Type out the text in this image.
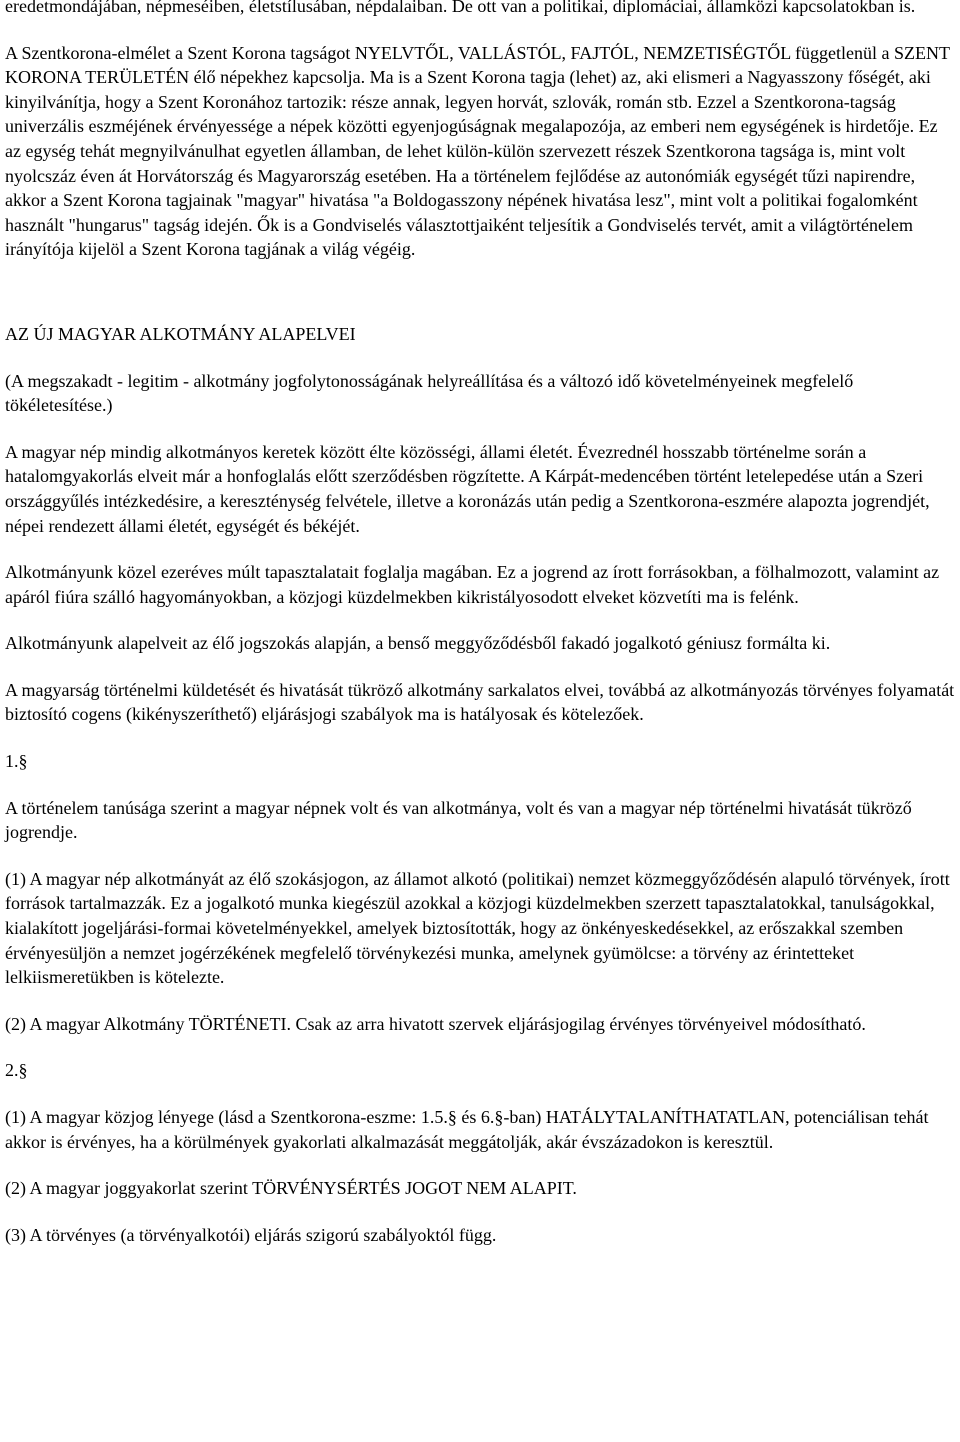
eredetmondájában, népmeséiben, életstílusában, népdalaiban. De ott van a politikai, diplomáciai, államközi kapcsolatokban is.

A Szentkorona-elmélet a Szent Korona tagságot NYELVTŐL, VALLÁSTÓL, FAJTÓL, NEMZETISÉGTŐL függetlenül a SZENT KORONA TERÜLETÉN élő népekhez kapcsolja. Ma is a Szent Korona tagja (lehet) az, aki elismeri a Nagyasszony főségét, aki kinyilvánítja, hogy a Szent Koronához tartozik: része annak, legyen horvát, szlovák, román stb. Ezzel a Szentkorona-tagság univerzális eszméjének érvényessége a népek közötti egyenjogúságnak megalapozója, az emberi nem egységének is hirdetője. Ez az egység tehát megnyilvánulhat egyetlen államban, de lehet külön-külön szervezett részek Szentkorona tagsága is, mint volt nyolcszáz éven át Horvátország és Magyarország esetében. Ha a történelem fejlődése az autonómiák egységét tűzi napirendre, akkor a Szent Korona tagjainak "magyar" hivatása "a Boldogasszony népének hivatása lesz", mint volt a politikai fogalomként használt "hungarus" tagság idején. Ők is a Gondviselés választottjaiként teljesítik a Gondviselés tervét, amit a világtörténelem irányítója kijelöl a Szent Korona tagjának a világ végéig.

AZ ÚJ MAGYAR ALKOTMÁNY ALAPELVEI

(A megszakadt - legitim - alkotmány jogfolytonosságának helyreállítása és a változó idő követelményeinek megfelelő tökéletesítése.)

A magyar nép mindig alkotmányos keretek között élte közösségi, állami életét. Évezrednél hosszabb történelme során a hatalomgyakorlás elveit már a honfoglalás előtt szerződésben rögzítette. A Kárpát-medencében történt letelepedése után a Szeri országgyűlés intézkedésire, a kereszténység felvétele, illetve a koronázás után pedig a Szentkorona-eszmére alapozta jogrendjét, népei rendezett állami életét, egységét és békéjét.

Alkotmányunk közel ezeréves múlt tapasztalatait foglalja magában. Ez a jogrend az írott forrásokban, a fölhalmozott, valamint az apáról fiúra szálló hagyományokban, a közjogi küzdelmekben kikristályosodott elveket közvetíti ma is felénk.

Alkotmányunk alapelveit az élő jogszokás alapján, a benső meggyőződésből fakadó jogalkotó géniusz formálta ki.

A magyarság történelmi küldetését és hivatását tükröző alkotmány sarkalatos elvei, továbbá az alkotmányozás törvényes folyamatát biztosító cogens (kikényszeríthető) eljárásjogi szabályok ma is hatályosak és kötelezőek.

1.§

A történelem tanúsága szerint a magyar népnek volt és van alkotmánya, volt és van a magyar nép történelmi hivatását tükröző jogrendje.

(1) A magyar nép alkotmányát az élő szokásjogon, az államot alkotó (politikai) nemzet közmeggyőződésén alapuló törvények, írott források tartalmazzák. Ez a jogalkotó munka kiegészül azokkal a közjogi küzdelmekben szerzett tapasztalatokkal, tanulságokkal, kialakított jogeljárási-formai követelményekkel, amelyek biztosították, hogy az önkényeskedésekkel, az erőszakkal szemben érvényesüljön a nemzet jogérzékének megfelelő törvénykezési munka, amelynek gyümölcse: a törvény az érintetteket lelkiismeretükben is kötelezte.

(2) A magyar Alkotmány TÖRTÉNETI. Csak az arra hivatott szervek eljárásjogilag érvényes törvényeivel módosítható.

2.§

(1) A magyar közjog lényege (lásd a Szentkorona-eszme: 1.5.§ és 6.§-ban) HATÁLYTALANÍTHATATLAN, potenciálisan tehát akkor is érvényes, ha a körülmények gyakorlati alkalmazását meggátolják, akár évszázadokon is keresztül.

(2) A magyar joggyakorlat szerint TÖRVÉNYSÉRTÉS JOGOT NEM ALAPIT.

(3) A törvényes (a törvényalkotói) eljárás szigorú szabályoktól függ.
